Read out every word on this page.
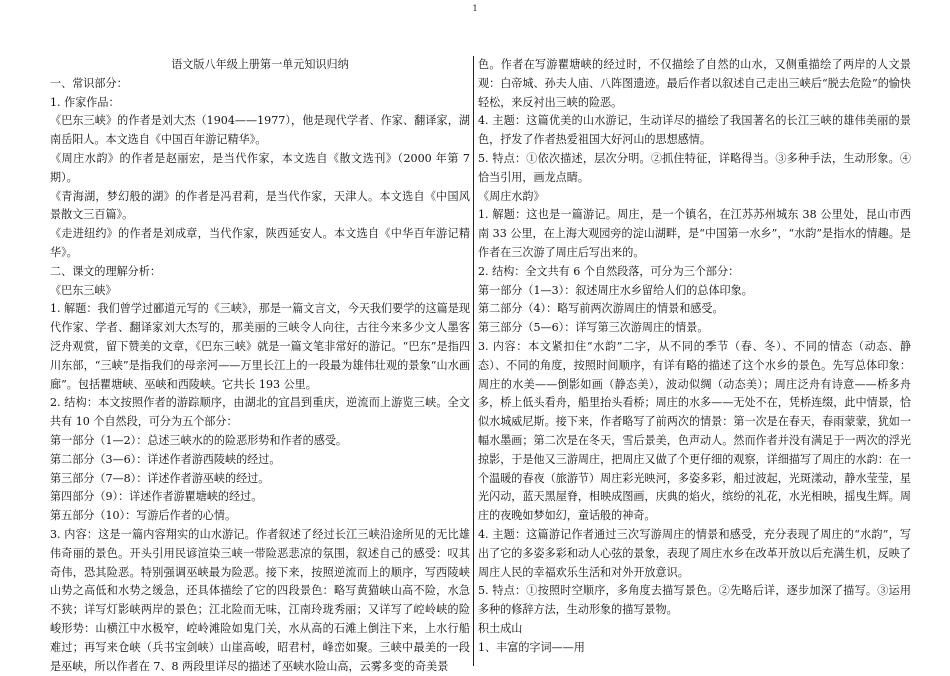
1

语文版八年级上册第一单元知识归纳

一、常识部分：

1. 作家作品：

《巴东三峡》的作者是刘大杰（1904——1977），他是现代学者、作家、翻译家，湖南岳阳人。本文选自《中国百年游记精华》。

《周庄水韵》的作者是赵丽宏，是当代作家，本文选自《散文选刊》（2000 年第 7 期）。

《青海湖，梦幻般的湖》的作者是冯君莉，是当代作家，天津人。本文选自《中国风景散文三百篇》。

《走进纽约》的作者是刘成章，当代作家，陕西延安人。本文选自《中华百年游记精华》。

二、课文的理解分析：

《巴东三峡》

1. 解题：我们曾学过郦道元写的《三峡》，那是一篇文言文，今天我们要学的这篇是现代作家、学者、翻译家刘大杰写的，那美丽的三峡令人向往，古往今来多少文人墨客泛舟观赏，留下赞美的文章，《巴东三峡》就是一篇文笔非常好的游记。“巴东”是指四川东部，“三峡”是指我们的母亲河——万里长江上的一段最为雄伟壮观的景象“山水画廊”。包括瞿塘峡、巫峡和西陵峡。它共长 193 公里。

2. 结构：本文按照作者的游踪顺序，由湖北的宜昌到重庆，逆流而上游览三峡。全文共有 10 个自然段，可分为五个部分：

第一部分（1—2）：总述三峡水的的险恶形势和作者的感受。

第二部分（3—6）：详述作者游西陵峡的经过。

第三部分（7—8）：详述作者游巫峡的经过。

第四部分（9）：详述作者游瞿塘峡的经过。

第五部分（10）：写游后作者的心情。

3. 内容：这是一篇内容翔实的山水游记。作者叙述了经过长江三峡沿途所见的无比雄伟奇丽的景色。开头引用民谚渲染三峡一带险恶悲凉的氛围，叙述自己的感受：叹其奇伟，恐其险恶。特别强调巫峡最为险恶。接下来，按照逆流而上的顺序，写西陵峡山势之高低和水势之缓急，还具体描绘了它的四段景色：略写黄猫峡山高不险，水急不狭；详写灯影峡两岸的景色；江北险而无味，江南玲珑秀丽；又详写了崆岭峡的险峻形势：山横江中水极窄，崆岭滩险如鬼门关，水从高的石滩上倒注下来，上水行船难过；再写来仓峡（兵书宝剑峡）山崖高峻，昭君村，峰峦如聚。三峡中最美的一段是巫峡，所以作者在 7、8 两段里详尽的描述了巫峡水险山高，云雾多变的奇美景

色。作者在写游瞿塘峡的经过时，不仅描绘了自然的山水，又侧重描绘了两岸的人文景观：白帝城、孙夫人庙、八阵图遗迹。最后作者以叙述自己走出三峡后“脱去危险”的愉快轻松，来反衬出三峡的险恶。

4. 主题：这篇优美的山水游记，生动详尽的描绘了我国著名的长江三峡的雄伟美丽的景色，抒发了作者热爱祖国大好河山的思想感情。

5. 特点：①依次描述，层次分明。②抓住特征，详略得当。③多种手法，生动形象。④恰当引用，画龙点睛。

《周庄水韵》

1. 解题：这也是一篇游记。周庄，是一个镇名，在江苏苏州城东 38 公里处，昆山市西南 33 公里，在上海大观园旁的淀山湖畔，是“中国第一水乡”，“水韵”是指水的情趣。是作者在三次游了周庄后写出来的。

2. 结构：全文共有 6 个自然段落，可分为三个部分：

第一部分（1—3）：叙述周庄水乡留给人们的总体印象。

第二部分（4）：略写前两次游周庄的情景和感受。

第三部分（5—6）：详写第三次游周庄的情景。

3. 内容：本文紧扣住“水韵”二字，从不同的季节（春、冬）、不同的情态（动态、静态）、不同的角度，按照时间顺序，有详有略的描述了这个水乡的景色。先写总体印象：周庄的水美——倒影如画（静态美），波动似绸（动态美）；周庄泛舟有诗意——桥多舟多，桥上低头看舟，船里抬头看桥；周庄的水多——无处不在，凭桥连缀，此中情景，恰似水城威尼斯。接下来，作者略写了前两次的情景：第一次是在春天，春雨蒙蒙，犹如一幅水墨画；第二次是在冬天，雪后景美，色声动人。然而作者并没有满足于一两次的浮光掠影，于是他又三游周庄，把周庄又做了个更仔细的观察，详细描写了周庄的水韵：在一个温暖的春夜（旅游节）周庄彩光映河，多姿多彩，船过波起，光斑漾动，静水莹莹，星光闪动，蓝天黑屋脊，相映成图画，庆典的焰火，缤纷的礼花，水光相映，摇曳生辉。周庄的夜晚如梦如幻，童话般的神奇。

4. 主题：这篇游记作者通过三次写游周庄的情景和感受，充分表现了周庄的“水韵”，写出了它的多姿多彩和动人心弦的景象，表现了周庄水乡在改革开放以后充满生机，反映了周庄人民的幸福欢乐生活和对外开放意识。

5. 特点：①按照时空顺序，多角度去描写景色。②先略后详，逐步加深了描写。③运用多种的修辞方法，生动形象的描写景物。

积土成山

1、丰富的字词——用
